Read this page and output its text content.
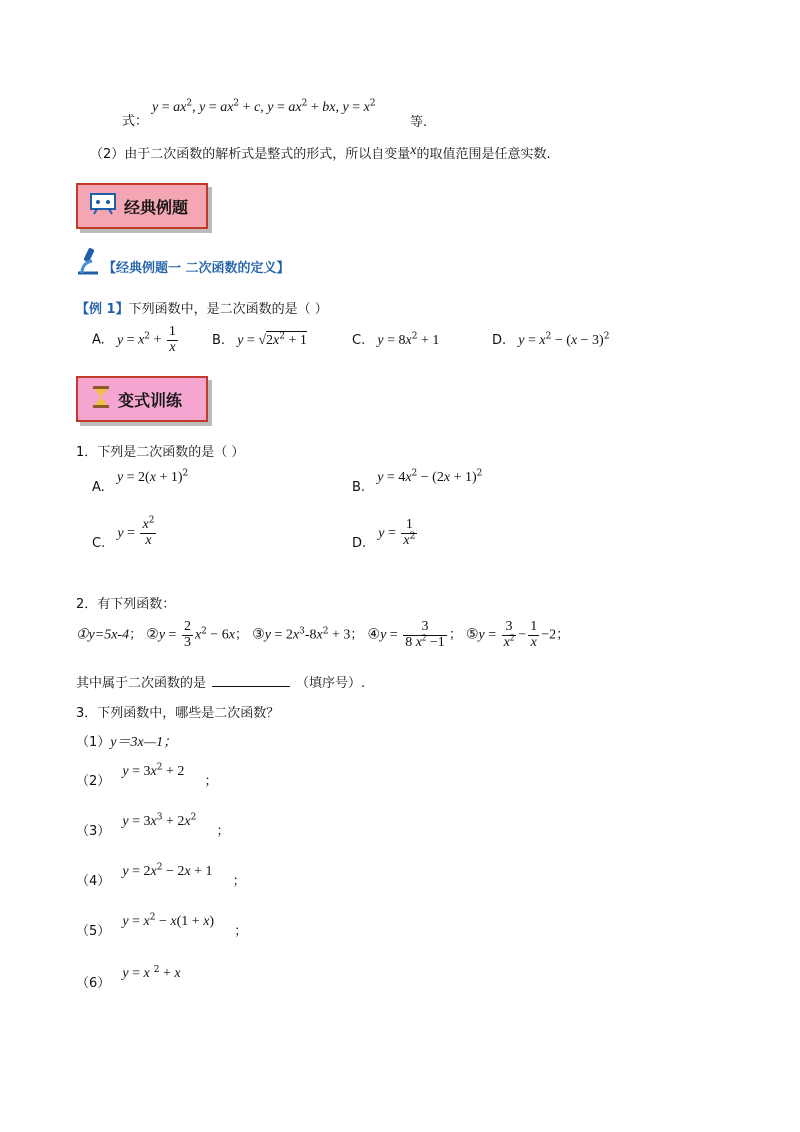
式：
$y = ax^2$, $y = ax^2 + c$, $y = ax^2$ + bx, $y = x^2$
等.
（2）由于二次函数的解析式是整式的形式，所以自变量x的取值范围是任意实数.
经典例题
【经典例题一 二次函数的定义】
【例 1】下列函数中，是二次函数的是（ ）
A. $y = x^2 + \frac{1}{x}$	B. $y = √2x^2 + 1$	C. $y = 8x^2 + 1$	D. $y = x^2 - (x - 3)^2$
变式训练
1．下列是二次函数的是（ ）
A. $y = 2(x + 1)^2$
B. $y = 4x^2 - (2x + 1)^2$
C. $y = \frac{x^2}{x}$	D. $y = \frac{1}{x^2}$
2．有下列函数：
①y=5x-4； ②y = $\frac{2}{3} x^2 - 6x$； ③y = $2x^3-8x^2 + 3$； ④y = $\frac{3}{8 x^2 -1}$ ； ⑤y = $\frac{3}{x^2} - \frac{1}{x} -2$；
其中属于二次函数的是	（填序号）.
3．下列函数中，哪些是二次函数？
（1）y＝3x—1；
（2） $y = 3x^2 + 2$ ；
（3） $y = 3x^3 + 2x^2$ ；
（4） $y = 2x^2 - 2x + 1$ ；
（5） $y = x^2 - x(1 + x)$ ；
（6） y = x $^2$ + x
